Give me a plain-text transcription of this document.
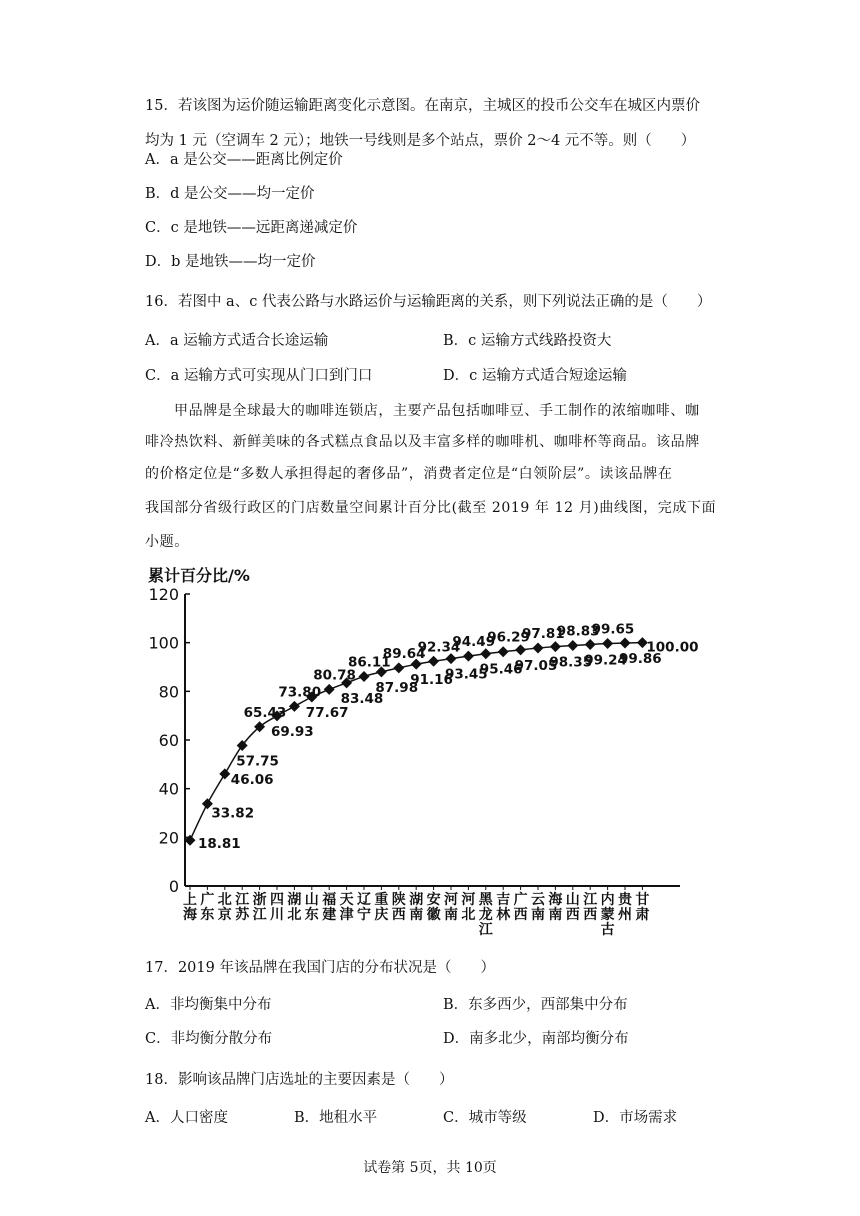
15．若该图为运价随运输距离变化示意图。在南京，主城区的投币公交车在城区内票价
均为 1 元（空调车 2 元）；地铁一号线则是多个站点，票价 2～4 元不等。则（　　）
A．a 是公交——距离比例定价
B．d 是公交——均一定价
C．c 是地铁——远距离递减定价
D．b 是地铁——均一定价
16．若图中 a、c 代表公路与水路运价与运输距离的关系，则下列说法正确的是（　　）
A．a 运输方式适合长途运输	B．c 运输方式线路投资大
C．a 运输方式可实现从门口到门口	D．c 运输方式适合短途运输
甲品牌是全球最大的咖啡连锁店，主要产品包括咖啡豆、手工制作的浓缩咖啡、咖
啡冷热饮料、新鲜美味的各式糕点食品以及丰富多样的咖啡机、咖啡杯等商品。该品牌
的价格定位是“多数人承担得起的奢侈品”，消费者定位是“白领阶层”。读该品牌在
我国部分省级行政区的门店数量空间累计百分比(截至 2019 年 12 月)曲线图，完成下面
小题。
累计百分比/%
0
20
40
60
80
100
120
18.81
33.82
46.06
57.75
65.43
69.93
73.80
77.67
80.78
83.48
86.11
87.98
89.64
91.16
92.34
93.45
94.49
95.46
96.29
97.05
97.81
98.35
98.83
99.24
99.65
99.86
100.00
上海
广东
北京
江苏
浙江
四川
湖北
山东
福建
天津
辽宁
重庆
陕西
湖南
安徽
河南
河北
黑龙江
吉林
广西
云南
海南
山西
江西
内蒙古
贵州
甘肃
17．2019 年该品牌在我国门店的分布状况是（　　）
A．非均衡集中分布	B．东多西少，西部集中分布
C．非均衡分散分布	D．南多北少，南部均衡分布
18．影响该品牌门店选址的主要因素是（　　）
A．人口密度	B．地租水平	C．城市等级	D．市场需求
试卷第 5页，共 10页
